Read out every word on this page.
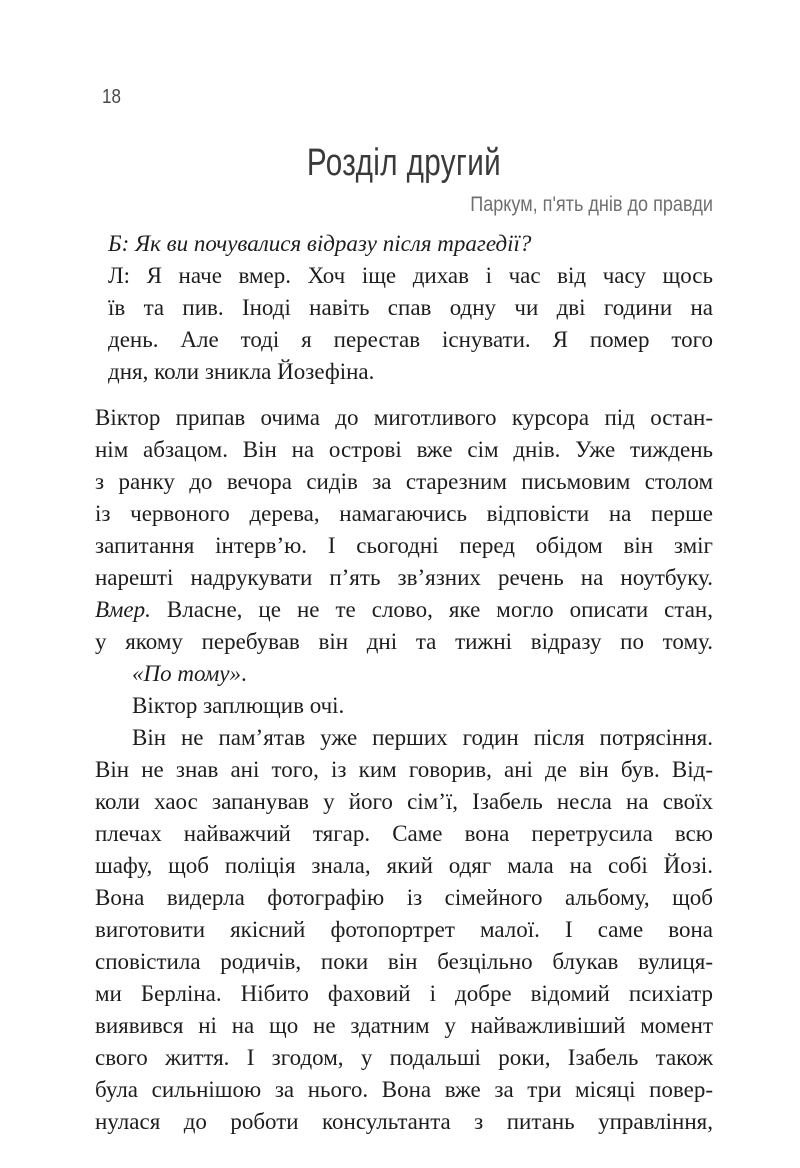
18
Розділ другий
Паркум, п'ять днів до правди
Б: Як ви почувалися відразу після трагедії?
Л: Я наче вмер. Хоч іще дихав і час від часу щось
їв та пив. Іноді навіть спав одну чи дві години на
день. Але тоді я перестав існувати. Я помер того
дня, коли зникла Йозефіна.
Віктор припав очима до миготливого курсора під остан-
нім абзацом. Він на острові вже сім днів. Уже тиждень
з ранку до вечора сидів за старезним письмовим столом
із червоного дерева, намагаючись відповісти на перше
запитання інтерв’ю. І сьогодні перед обідом він зміг
нарешті надрукувати п’ять зв’язних речень на ноутбуку.
Вмер. Власне, це не те слово, яке могло описати стан,
у якому перебував він дні та тижні відразу по тому.
«По тому».
Віктор заплющив очі.
Він не пам’ятав уже перших годин після потрясіння.
Він не знав ані того, із ким говорив, ані де він був. Від-
коли хаос запанував у його сім’ї, Ізабель несла на своїх
плечах найважчий тягар. Саме вона перетрусила всю
шафу, щоб поліція знала, який одяг мала на собі Йозі.
Вона видерла фотографію із сімейного альбому, щоб
виготовити якісний фотопортрет малої. І саме вона
сповістила родичів, поки він безцільно блукав вулиця-
ми Берліна. Нібито фаховий і добре відомий психіатр
виявився ні на що не здатним у найважливіший момент
свого життя. І згодом, у подальші роки, Ізабель також
була сильнішою за нього. Вона вже за три місяці повер-
нулася до роботи консультанта з питань управління,
